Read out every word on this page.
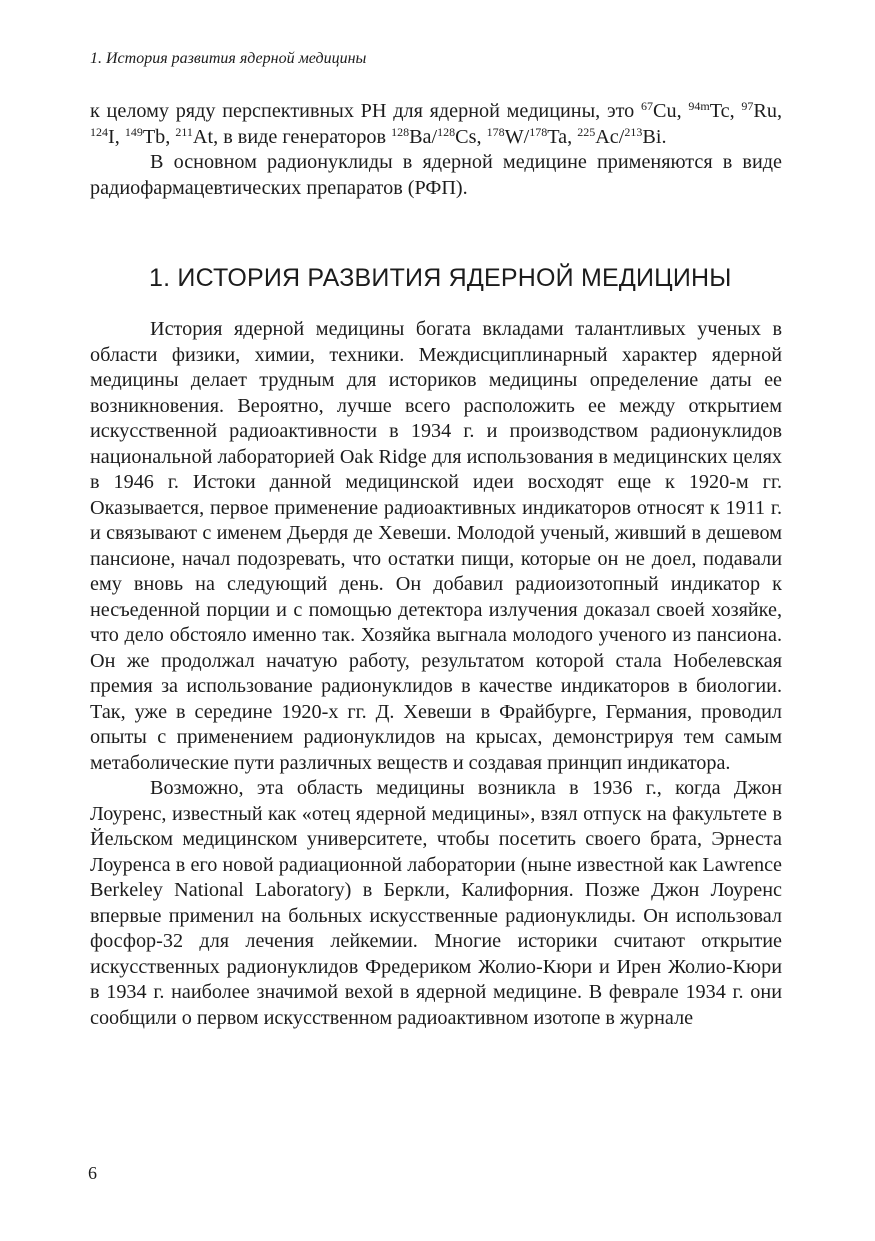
1. История развития ядерной медицины

к целому ряду перспективных РН для ядерной медицины, это $^{67}$Cu, $^{94m}$Tc, $^{97}$Ru, $^{124}$I, $^{149}$Tb, $^{211}$At, в виде генераторов $^{128}$Ba/$^{128}$Cs, $^{178}$W/$^{178}$Ta, $^{225}$Ac/$^{213}$Bi.

В основном радионуклиды в ядерной медицине применяются в виде радиофармацевтических препаратов (РФП).

1. ИСТОРИЯ РАЗВИТИЯ ЯДЕРНОЙ МЕДИЦИНЫ

История ядерной медицины богата вкладами талантливых ученых в области физики, химии, техники. Междисциплинарный характер ядерной медицины делает трудным для историков медицины определение даты ее возникновения. Вероятно, лучше всего расположить ее между открытием искусственной радиоактивности в 1934 г. и производством радионуклидов национальной лабораторией Oak Ridge для использования в медицинских целях в 1946 г. Истоки данной медицинской идеи восходят еще к 1920-м гг. Оказывается, первое применение радиоактивных индикаторов относят к 1911 г. и связывают с именем Дьердя де Хевеши. Молодой ученый, живший в дешевом пансионе, начал подозревать, что остатки пищи, которые он не доел, подавали ему вновь на следующий день. Он добавил радиоизотопный индикатор к несъеденной порции и с помощью детектора излучения доказал своей хозяйке, что дело обстояло именно так. Хозяйка выгнала молодого ученого из пансиона. Он же продолжал начатую работу, результатом которой стала Нобелевская премия за использование радионуклидов в качестве индикаторов в биологии. Так, уже в середине 1920-х гг. Д. Хевеши в Фрайбурге, Германия, проводил опыты с применением радионуклидов на крысах, демонстрируя тем самым метаболические пути различных веществ и создавая принцип индикатора.

Возможно, эта область медицины возникла в 1936 г., когда Джон Лоуренс, известный как «отец ядерной медицины», взял отпуск на факультете в Йельском медицинском университете, чтобы посетить своего брата, Эрнеста Лоуренса в его новой радиационной лаборатории (ныне известной как Lawrence Berkeley National Laboratory) в Беркли, Калифорния. Позже Джон Лоуренс впервые применил на больных искусственные радионуклиды. Он использовал фосфор-32 для лечения лейкемии. Многие историки считают открытие искусственных радионуклидов Фредериком Жолио-Кюри и Ирен Жолио-Кюри в 1934 г. наиболее значимой вехой в ядерной медицине. В феврале 1934 г. они сообщили о первом искусственном радиоактивном изотопе в журнале

6
